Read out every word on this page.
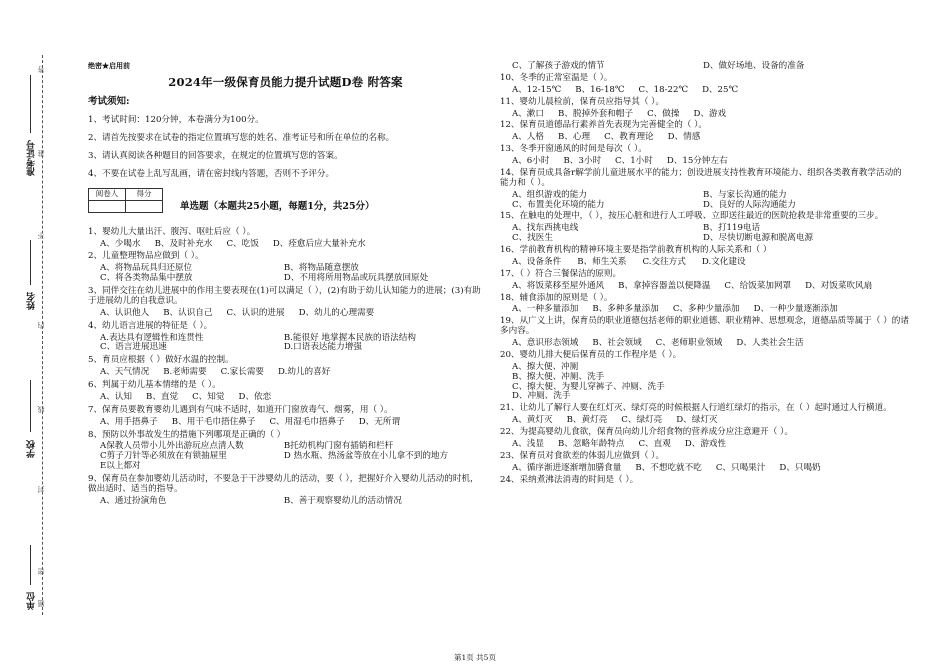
答
准考证号 准
不
姓名
内
线
学校
封
密
单位 题
绝密★启用前
2024年一级保育员能力提升试题D卷 附答案
考试须知:
1、考试时间：120分钟，本卷满分为100分。
2、请首先按要求在试卷的指定位置填写您的姓名、准考证号和所在单位的名称。
3、请认真阅读各种题目的回答要求，在规定的位置填写您的答案。
4、不要在试卷上乱写乱画，请在密封线内答题，否则不予评分。
阅卷人	得分

单选题（本题共25小题，每题1分，共25分）
1、婴幼儿大量出汗、腹泻、呕吐后应（ ）。
A、少喝水 B、及时补充水 C、吃饭 D、痊愈后应大量补充水
2、儿童整理物品应做到（ ）。
A、将物品玩具归还原位	B、将物品随意摆放
C、将各类物品集中摆放	D、不用将所用物品或玩具摆放回原处
3、同伴交往在幼儿进展中的作用主要表现在(1)可以满足（ ），(2)有助于幼儿认知能力的进展；(3)有助于进展幼儿的自我意识。
A、认识他人 B、认识自己 C、认识的进展 D、幼儿的心理需要
4、幼儿语言进展的特征是（ ）。
A.表达具有逻辑性和连贯性	B.能很好 地掌握本民族的语法结构
C、语言进展迅速	D.口语表达能力增强
5、育员应根据（ ）做好水温的控制。
A、天气情况 B.老师需要 C.家长需要 D.幼儿的喜好
6、判属于幼儿基本情绪的是（ ）。
A、认知 B、直觉 C、知觉 D、依恋
7、保育员要教育婴幼儿遇到有气味不适时，如道开门窗放毒气、烟雾，用（ ）。
A、用手捂鼻子 B、用干毛巾捂住鼻子 C、用湿毛巾捂鼻子 D、无所谓
8、预防以外事故发生的措施下列哪项是正确的（ ）
A保教人员带小儿外出游玩应点清人数	B托幼机构门窗有插销和栏杆
C剪子刀针等必须放在有锁抽屉里	D 热水瓶、热汤盆等放在小儿拿不到的地方
E以上都对
9、保育员在参加婴幼儿活动时，不要急于干涉婴幼儿的活动，要（ ），把握好介入婴幼儿活动的时机，做出适时、适当的指导。
A、通过扮演角色	B、善于观察婴幼儿的活动情况
C、了解孩子游戏的情节	D、做好场地、设备的准备
10、冬季的正常室温是（ ）。
A、12-15℃ B、16-18℃ C、18-22℃ D、25℃
11、婴幼儿晨检前，保育员应指导其（ ）。
A、漱口 B、脱掉外套和帽子 C、做操 D、游戏
12、保育员道德品行素养首先表现为完善健全的（ ）。
A、人格 B、心理 C、教育理论 D、情感
13、冬季开窗通风的时间是每次（ ）。
A、6小时 B、3小时 C、1小时 D、15分钟左右
14、保育员成具备r解学前儿童进展水平的能力；创设进展支持性教育环境能力、组织各类教育教学活动的能力和（ ）。
A、组织游戏的能力	B、与家长沟通的能力
C、布置美化环境的能力	D、良好的人际沟通能力
15、在触电的处理中，（ ），按压心脏和进行人工呼吸、立即送往最近的医院抢救是非常重要的三步。
A、找东西挑电线	B、打119电话
C、找医生	D、尽快切断电源和脱离电源
16、学前教育机构的精神环境主要是指学前教育机构的人际关系和（ ）
A、设备条件 B、师生关系 C.交往方式 D.文化建设
17、（ ）符合三餐保洁的原则。
A、将饭菜移至屋外通风 B、拿掉容器盖以便降温 C、给饭菜加网罩 D、对饭菜吹风扇
18、辅食添加的原则是（ ）。
A、一种多量添加 B、多种多量添加 C、多种少量添加 D、一种少量逐渐添加
19、从广义上讲，保育员的职业道德包括老师的职业道德、职业精神、思想观念，道德品质等属于（ ）的诸多内容。
A、意识形态领域 B、社会领域 C、老师职业领域 D、人类社会生活
20、婴幼儿排大便后保育员的工作程序是（ ）。
A、擦大便、冲厕
B、擦大便、冲厕、洗手
C、擦大便、为婴儿穿裤子、冲厕、洗手
D、冲厕、洗手
21、让幼儿了解行人要在红灯灭、绿灯亮的时候根据人行道红绿灯的指示，在（ ）起时通过人行横道。
A、黄灯灭 B、黄灯亮 C、绿灯亮 D、绿灯灭
22、为提高婴幼儿食欲，保育员向幼儿介绍食物的营养成分应注意避开（ ）。
A、浅显 B、忽略年龄特点 C、直观 D、游戏性
23、保育员对食欲差的体弱儿应做到（ ）。
A、循序渐进逐渐增加膳食量 B、不想吃就不吃 C、只喝果汁 D、只喝奶
24、采纳煮沸法消毒的时间是（ ）。
第1页 共5页
